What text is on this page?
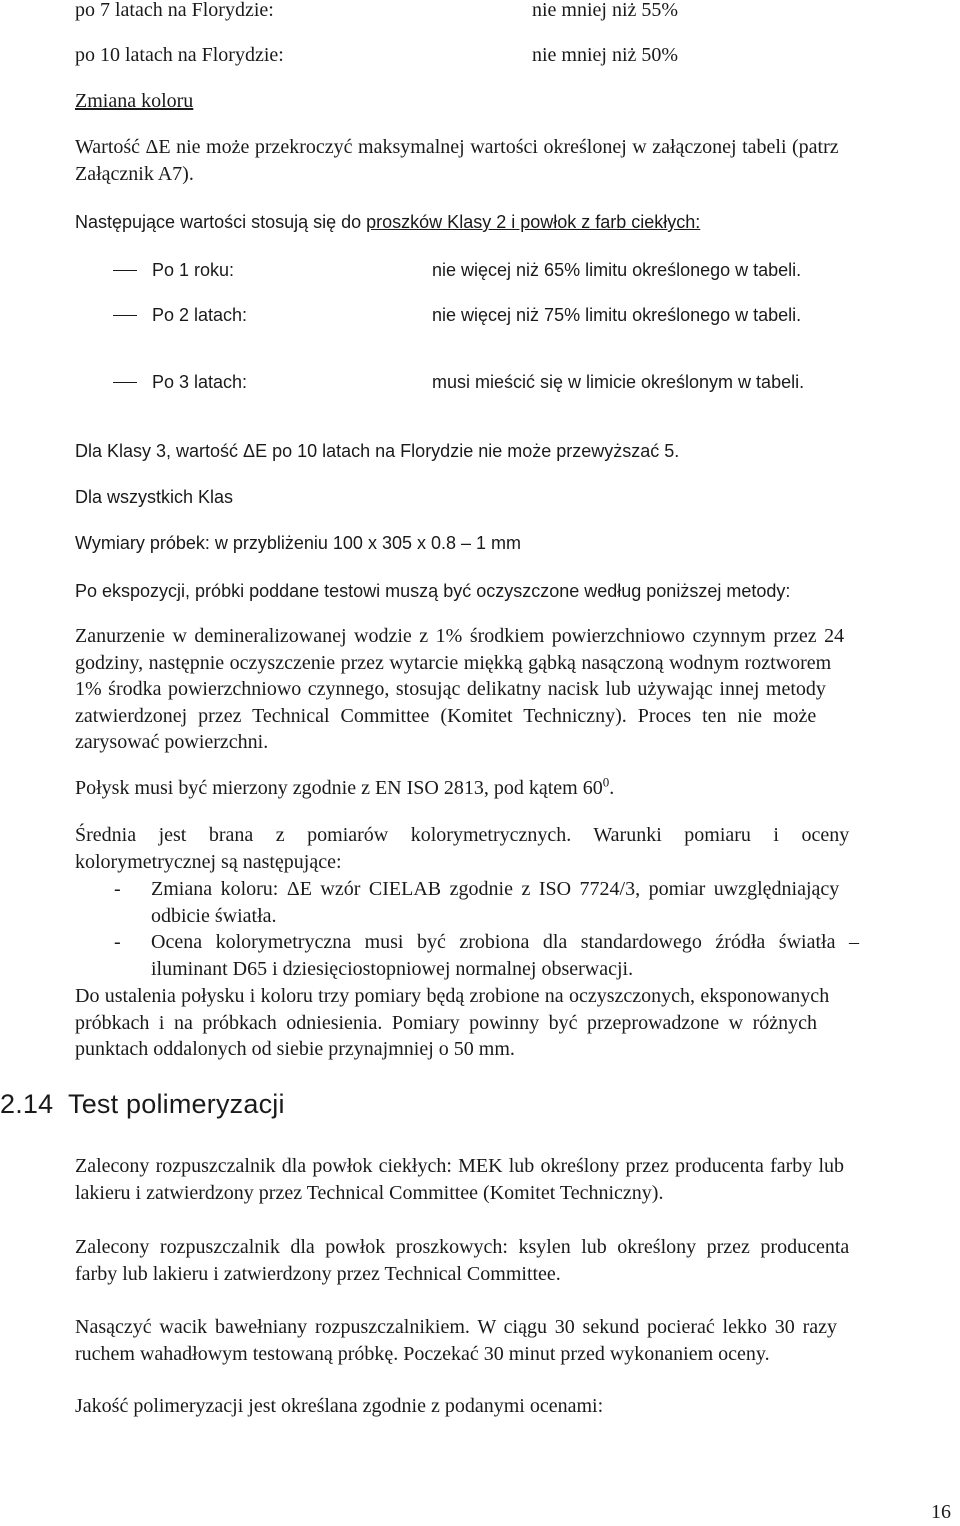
po 7 latach na Florydzie:	nie mniej niż 55%
po 10 latach na Florydzie:	nie mniej niż 50%
Zmiana koloru
Wartość ΔE nie może przekroczyć maksymalnej wartości określonej w załączonej tabeli (patrz
Załącznik A7).
Następujące wartości stosują się do proszków Klasy 2 i powłok z farb ciekłych:
Po 1 roku:	nie więcej niż 65% limitu określonego w tabeli.
Po 2 latach:	nie więcej niż 75% limitu określonego w tabeli.
Po 3 latach:	musi mieścić się w limicie określonym w tabeli.
Dla Klasy 3, wartość ΔE po 10 latach na Florydzie nie może przewyższać 5.
Dla wszystkich Klas
Wymiary próbek: w przybliżeniu 100 x 305 x 0.8 – 1 mm
Po ekspozycji, próbki poddane testowi muszą być oczyszczone według poniższej metody:
Zanurzenie w demineralizowanej wodzie z 1% środkiem powierzchniowo czynnym przez 24
godziny, następnie oczyszczenie przez wytarcie miękką gąbką nasączoną wodnym roztworem
1% środka powierzchniowo czynnego, stosując delikatny nacisk lub używając innej metody
zatwierdzonej przez Technical Committee (Komitet Techniczny). Proces ten nie może
zarysować powierzchni.
Połysk musi być mierzony zgodnie z EN ISO 2813, pod kątem $60^0$.
Średnia jest brana z pomiarów kolorymetrycznych. Warunki pomiaru i oceny
kolorymetrycznej są następujące:
- Zmiana koloru: ΔE wzór CIELAB zgodnie z ISO 7724/3, pomiar uwzględniający
odbicie światła.
- Ocena kolorymetryczna musi być zrobiona dla standardowego źródła światła –
iluminant D65 i dziesięciostopniowej normalnej obserwacji.
Do ustalenia połysku i koloru trzy pomiary będą zrobione na oczyszczonych, eksponowanych
próbkach i na próbkach odniesienia. Pomiary powinny być przeprowadzone w różnych
punktach oddalonych od siebie przynajmniej o 50 mm.
2.14 Test polimeryzacji
Zalecony rozpuszczalnik dla powłok ciekłych: MEK lub określony przez producenta farby lub
lakieru i zatwierdzony przez Technical Committee (Komitet Techniczny).
Zalecony rozpuszczalnik dla powłok proszkowych: ksylen lub określony przez producenta
farby lub lakieru i zatwierdzony przez Technical Committee.
Nasączyć wacik bawełniany rozpuszczalnikiem. W ciągu 30 sekund pocierać lekko 30 razy
ruchem wahadłowym testowaną próbkę. Poczekać 30 minut przed wykonaniem oceny.
Jakość polimeryzacji jest określana zgodnie z podanymi ocenami:
16
